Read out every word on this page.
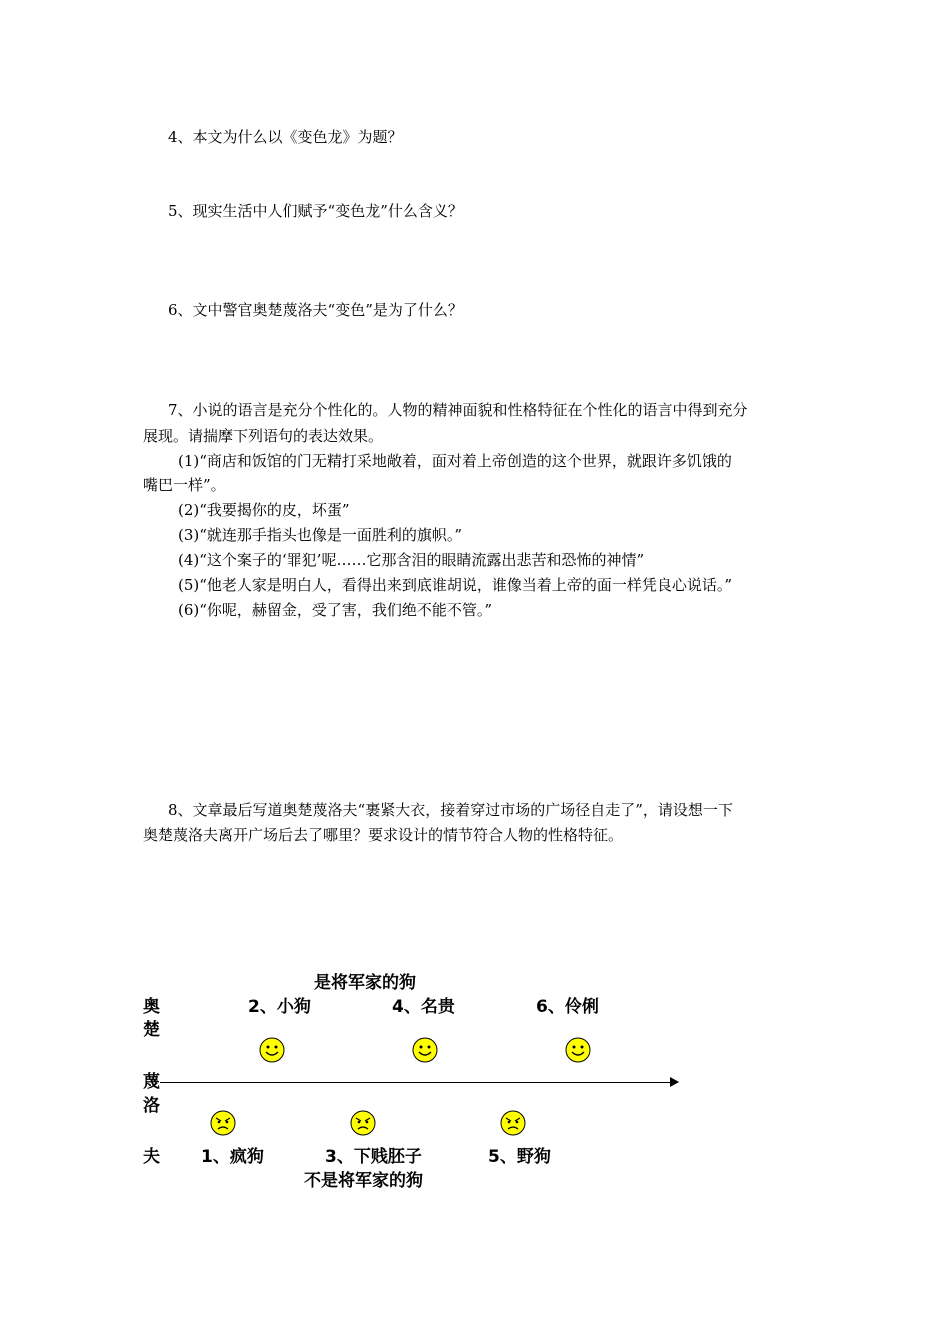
4、本文为什么以《变色龙》为题？

5、现实生活中人们赋予“变色龙”什么含义？

6、文中警官奥楚蔑洛夫“变色”是为了什么？

7、小说的语言是充分个性化的。人物的精神面貌和性格特征在个性化的语言中得到充分

展现。请揣摩下列语句的表达效果。

(1)“商店和饭馆的门无精打采地敞着，面对着上帝创造的这个世界，就跟许多饥饿的

嘴巴一样”。

(2)“我要揭你的皮，坏蛋”

(3)“就连那手指头也像是一面胜利的旗帜。”

(4)“这个案子的‘罪犯’呢……它那含泪的眼睛流露出悲苦和恐怖的神情”

(5)“他老人家是明白人，看得出来到底谁胡说，谁像当着上帝的面一样凭良心说话。”

(6)“你呢，赫留金，受了害，我们绝不能不管。”

8、文章最后写道奥楚蔑洛夫“裹紧大衣，接着穿过市场的广场径自走了”，请设想一下

奥楚蔑洛夫离开广场后去了哪里？要求设计的情节符合人物的性格特征。

是将军家的狗
奥
楚
蔑
洛
夫
2、小狗	4、名贵	6、伶俐
1、疯狗	3、下贱胚子	5、野狗
不是将军家的狗
